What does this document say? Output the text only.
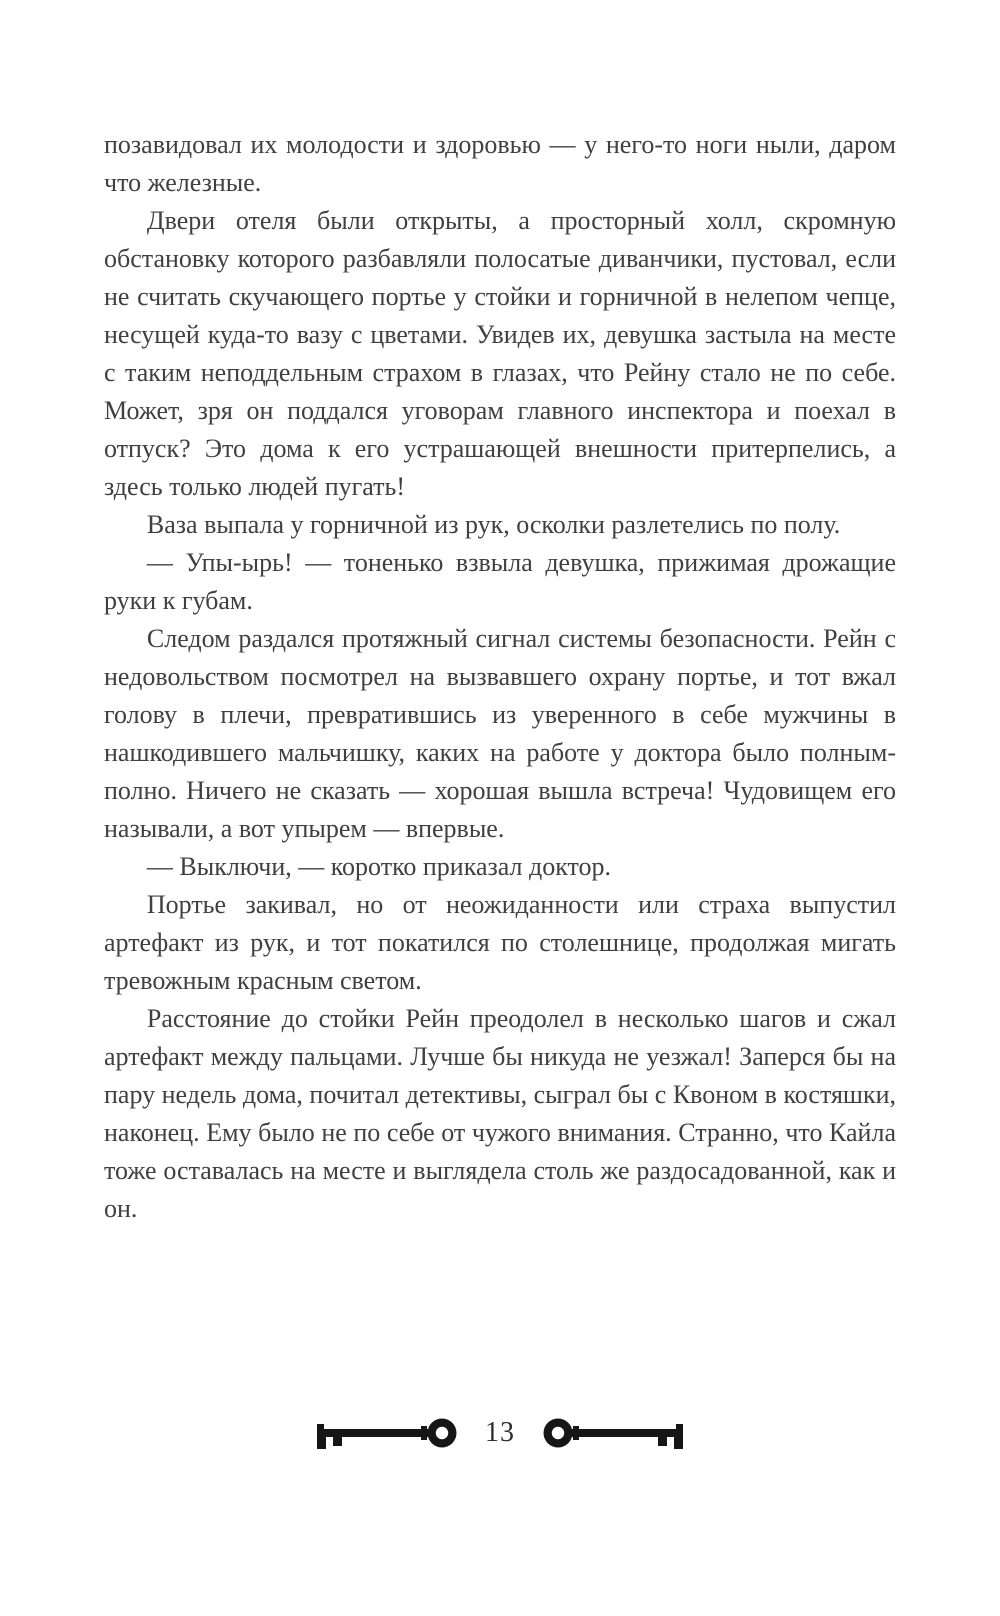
позавидовал их молодости и здоровью — у него-то ноги ныли, даром что железные.

Двери отеля были открыты, а просторный холл, скромную обстановку которого разбавляли полосатые диванчики, пустовал, если не считать скучающего портье у стойки и горничной в нелепом чепце, несущей куда-то вазу с цветами. Увидев их, девушка застыла на месте с таким неподдельным страхом в глазах, что Рейну стало не по себе. Может, зря он поддался уговорам главного инспектора и поехал в отпуск? Это дома к его устрашающей внешности притерпелись, а здесь только людей пугать!

Ваза выпала у горничной из рук, осколки разлетелись по полу.

— Упы-ырь! — тоненько взвыла девушка, прижимая дрожащие руки к губам.

Следом раздался протяжный сигнал системы безопасности. Рейн с недовольством посмотрел на вызвавшего охрану портье, и тот вжал голову в плечи, превратившись из уверенного в себе мужчины в нашкодившего мальчишку, каких на работе у доктора было полным-полно. Ничего не сказать — хорошая вышла встреча! Чудовищем его называли, а вот упырем — впервые.

— Выключи, — коротко приказал доктор.

Портье закивал, но от неожиданности или страха выпустил артефакт из рук, и тот покатился по столешнице, продолжая мигать тревожным красным светом.

Расстояние до стойки Рейн преодолел в несколько шагов и сжал артефакт между пальцами. Лучше бы никуда не уезжал! Заперся бы на пару недель дома, почитал детективы, сыграл бы с Квоном в костяшки, наконец. Ему было не по себе от чужого внимания. Странно, что Кайла тоже оставалась на месте и выглядела столь же раздосадованной, как и он.

13
